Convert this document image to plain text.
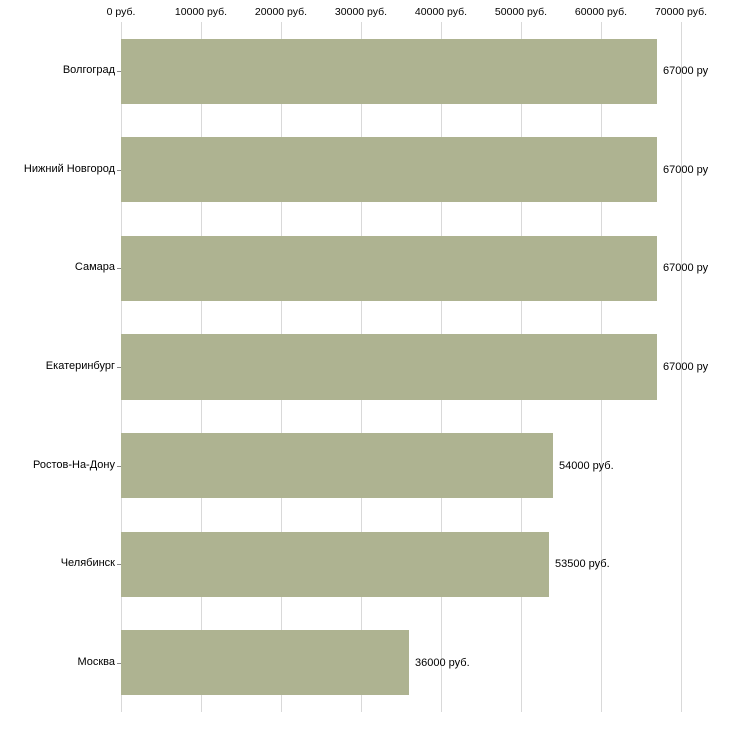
0 руб.	10000 руб.	20000 руб.	30000 руб.	40000 руб.	50000 руб.	60000 руб.	70000 руб.
Волгоград
Нижний Новгород
Самара
Екатеринбург
Ростов-На-Дону
Челябинск
Москва
67000 ру
67000 ру
67000 ру
67000 ру
54000 руб.
53500 руб.
36000 руб.
